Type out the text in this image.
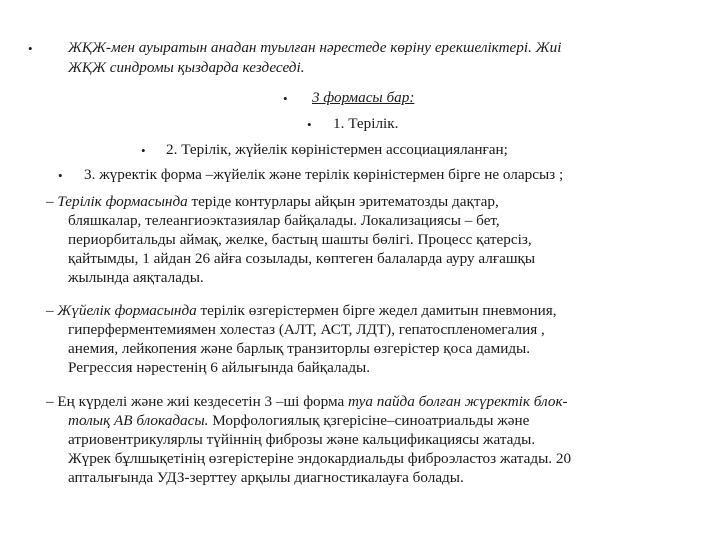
• ЖҚЖ-мен ауыратын анадан туылған нәрестеде көріну ерекшеліктері. Жиі
ЖҚЖ синдромы қыздарда кездеседі.
• 3 формасы бар:
• 1. Терілік.
• 2. Терілік, жүйелік көріністермен ассоциацияланған;
• 3. жүректік форма –жүйелік және терілік көріністермен бірге не оларсыз ;
– Терілік формасында теріде контурлары айқын эритематозды дақтар,
бляшкалар, телеангиоэктазиялар байқалады. Локализациясы – бет,
периорбитальды аймақ, желке, бастың шашты бөлігі. Процесс қатерсіз,
қайтымды, 1 айдан 26 айға созылады, көптеген балаларда ауру алғашқы
жылында аяқталады.
– Жүйелік формасында терілік өзгерістермен бірге жедел дамитын пневмония,
гиперферментемиямен холестаз (АЛТ, АСТ, ЛДТ), гепатоспленомегалия ,
анемия, лейкопения және барлық транзиторлы өзгерістер қоса дамиды.
Регрессия нәрестенің 6 айлығында байқалады.
– Ең күрделі және жиі кездесетін 3 –ші форма туа пайда болған жүректік блок-
толық АВ блокадасы. Морфологиялық қзгерісіне–синоатриальды және
атриовентрикулярлы түйіннің фиброзы және кальцификациясы жатады.
Жүрек бұлшықетінің өзгерістеріне эндокардиальды фиброэластоз жатады. 20
апталығында УДЗ-зерттеу арқылы диагностикалауға болады.
